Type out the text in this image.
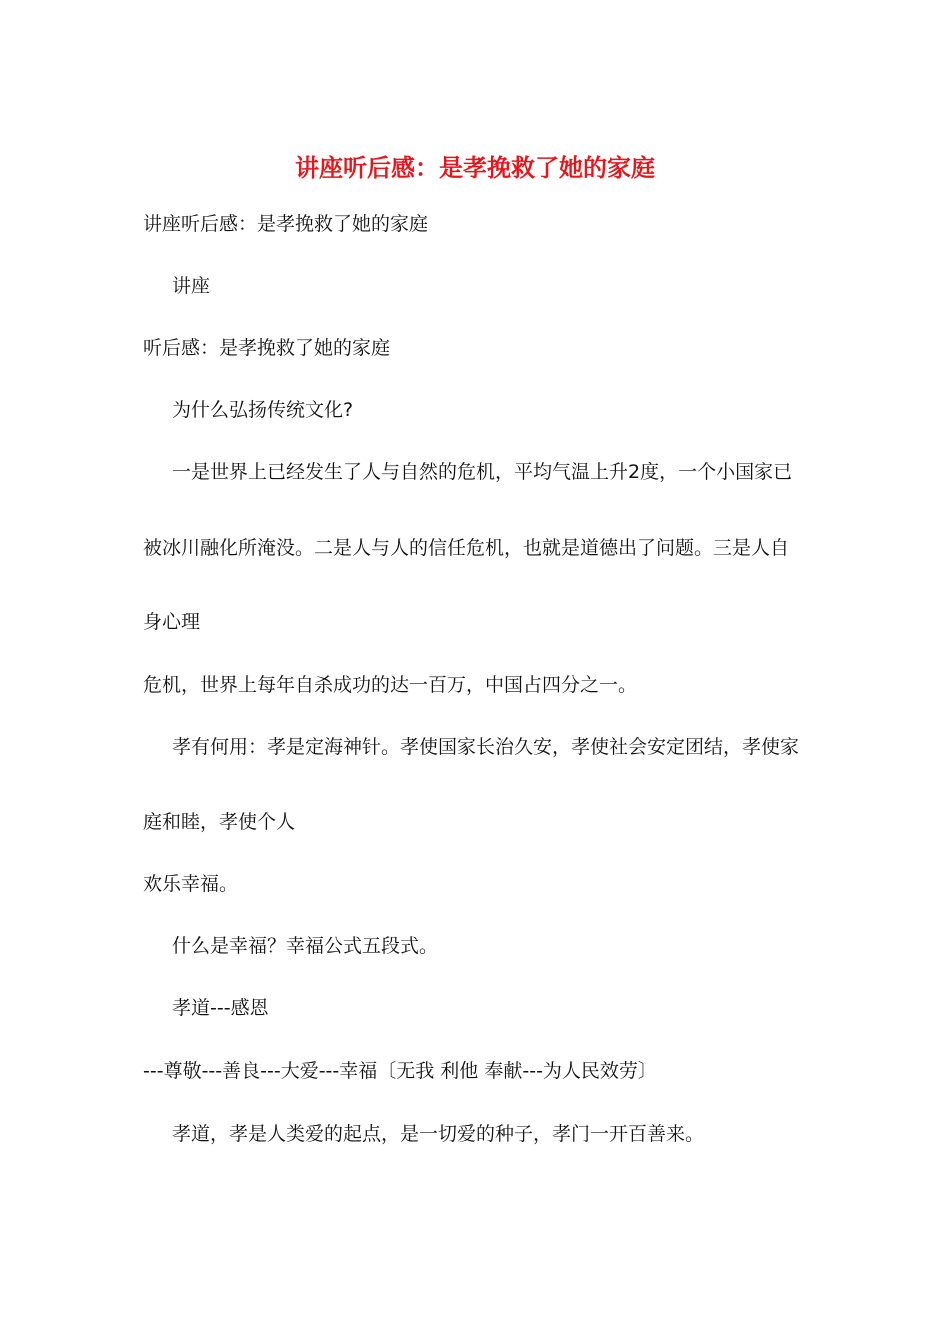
讲座听后感：是孝挽救了她的家庭
讲座听后感：是孝挽救了她的家庭
讲座
听后感：是孝挽救了她的家庭
为什么弘扬传统文化?
一是世界上已经发生了人与自然的危机，平均气温上升2度，一个小国家已
被冰川融化所淹没。二是人与人的信任危机，也就是道德出了问题。三是人自
身心理
危机，世界上每年自杀成功的达一百万，中国占四分之一。
孝有何用：孝是定海神针。孝使国家长治久安，孝使社会安定团结，孝使家
庭和睦，孝使个人
欢乐幸福。
什么是幸福？幸福公式五段式。
孝道---感恩
---尊敬---善良---大爱---幸福〔无我 利他 奉献---为人民效劳〕
孝道，孝是人类爱的起点，是一切爱的种子，孝门一开百善来。
